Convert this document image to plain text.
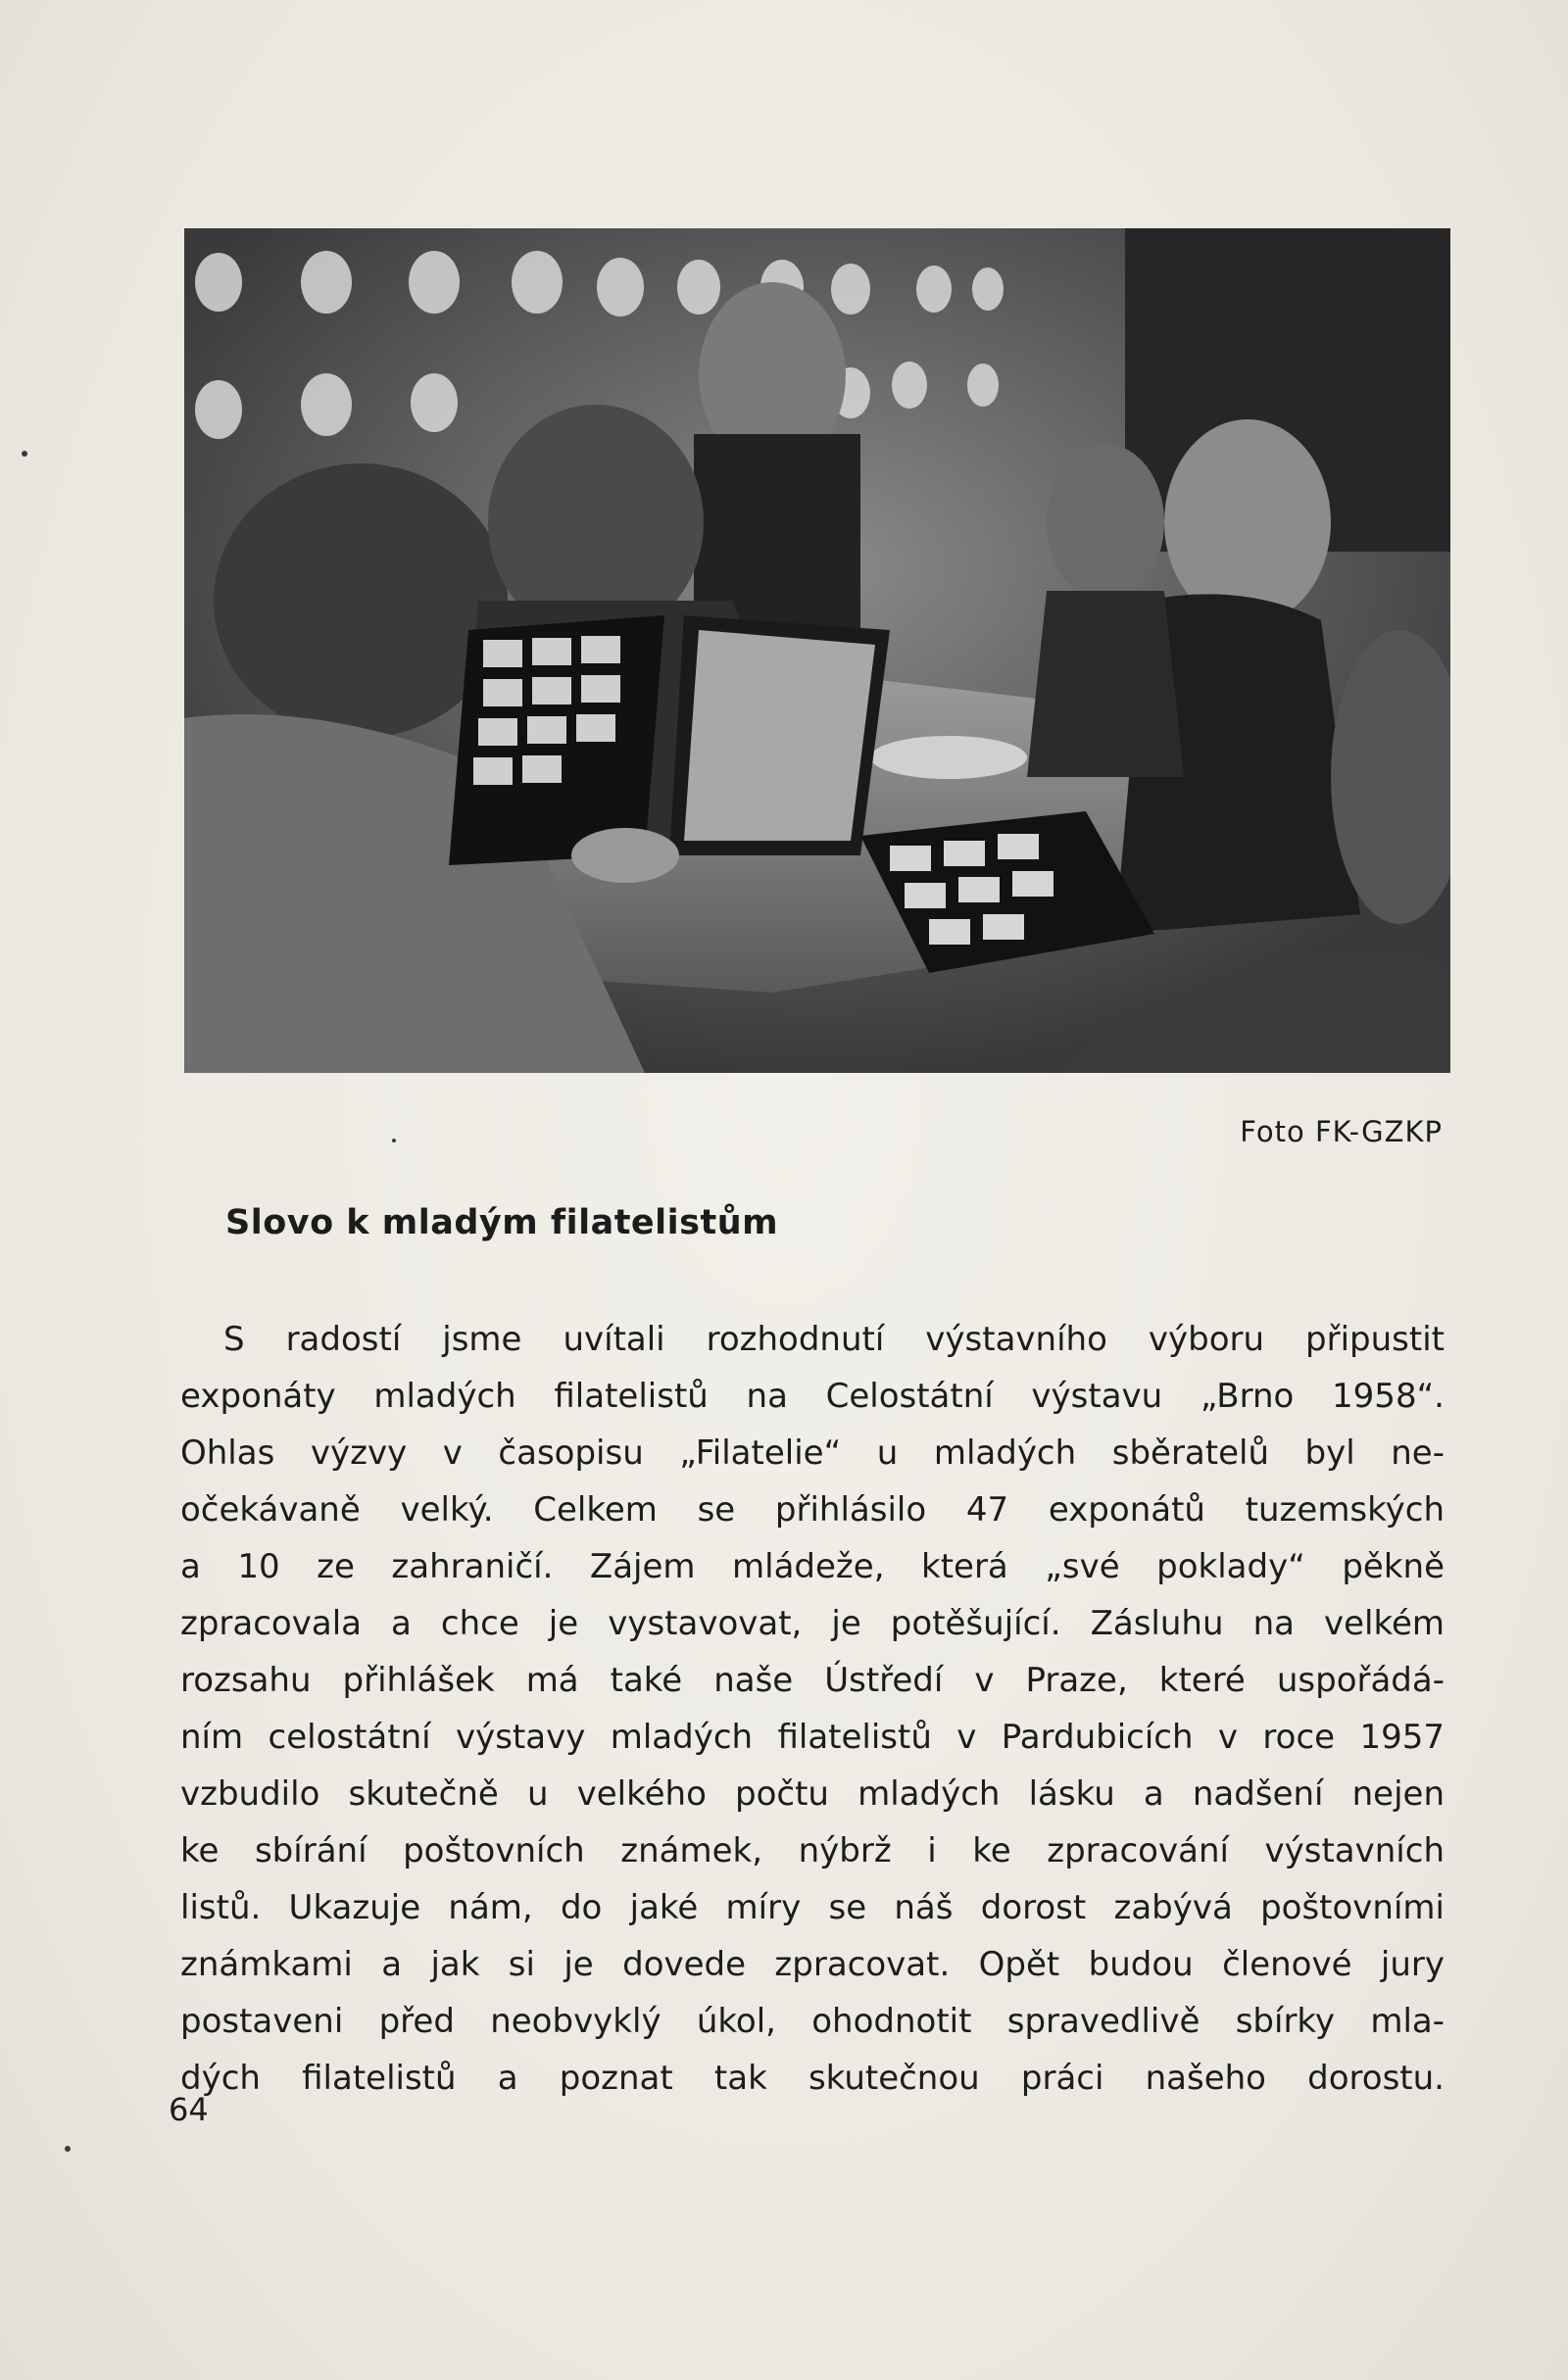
Foto FK-GZKP
Slovo k mladým filatelistům
S radostí jsme uvítali rozhodnutí výstavního výboru připustit
exponáty mladých filatelistů na Celostátní výstavu „Brno 1958“.
Ohlas výzvy v časopisu „Filatelie“ u mladých sběratelů byl ne-
očekávaně velký. Celkem se přihlásilo 47 exponátů tuzemských
a 10 ze zahraničí. Zájem mládeže, která „své poklady“ pěkně
zpracovala a chce je vystavovat, je potěšující. Zásluhu na velkém
rozsahu přihlášek má také naše Ústředí v Praze, které uspořádá-
ním celostátní výstavy mladých filatelistů v Pardubicích v roce 1957
vzbudilo skutečně u velkého počtu mladých lásku a nadšení nejen
ke sbírání poštovních známek, nýbrž i ke zpracování výstavních
listů. Ukazuje nám, do jaké míry se náš dorost zabývá poštovními
známkami a jak si je dovede zpracovat. Opět budou členové jury
postaveni před neobvyklý úkol, ohodnotit spravedlivě sbírky mla-
dých filatelistů a poznat tak skutečnou práci našeho dorostu.
64
